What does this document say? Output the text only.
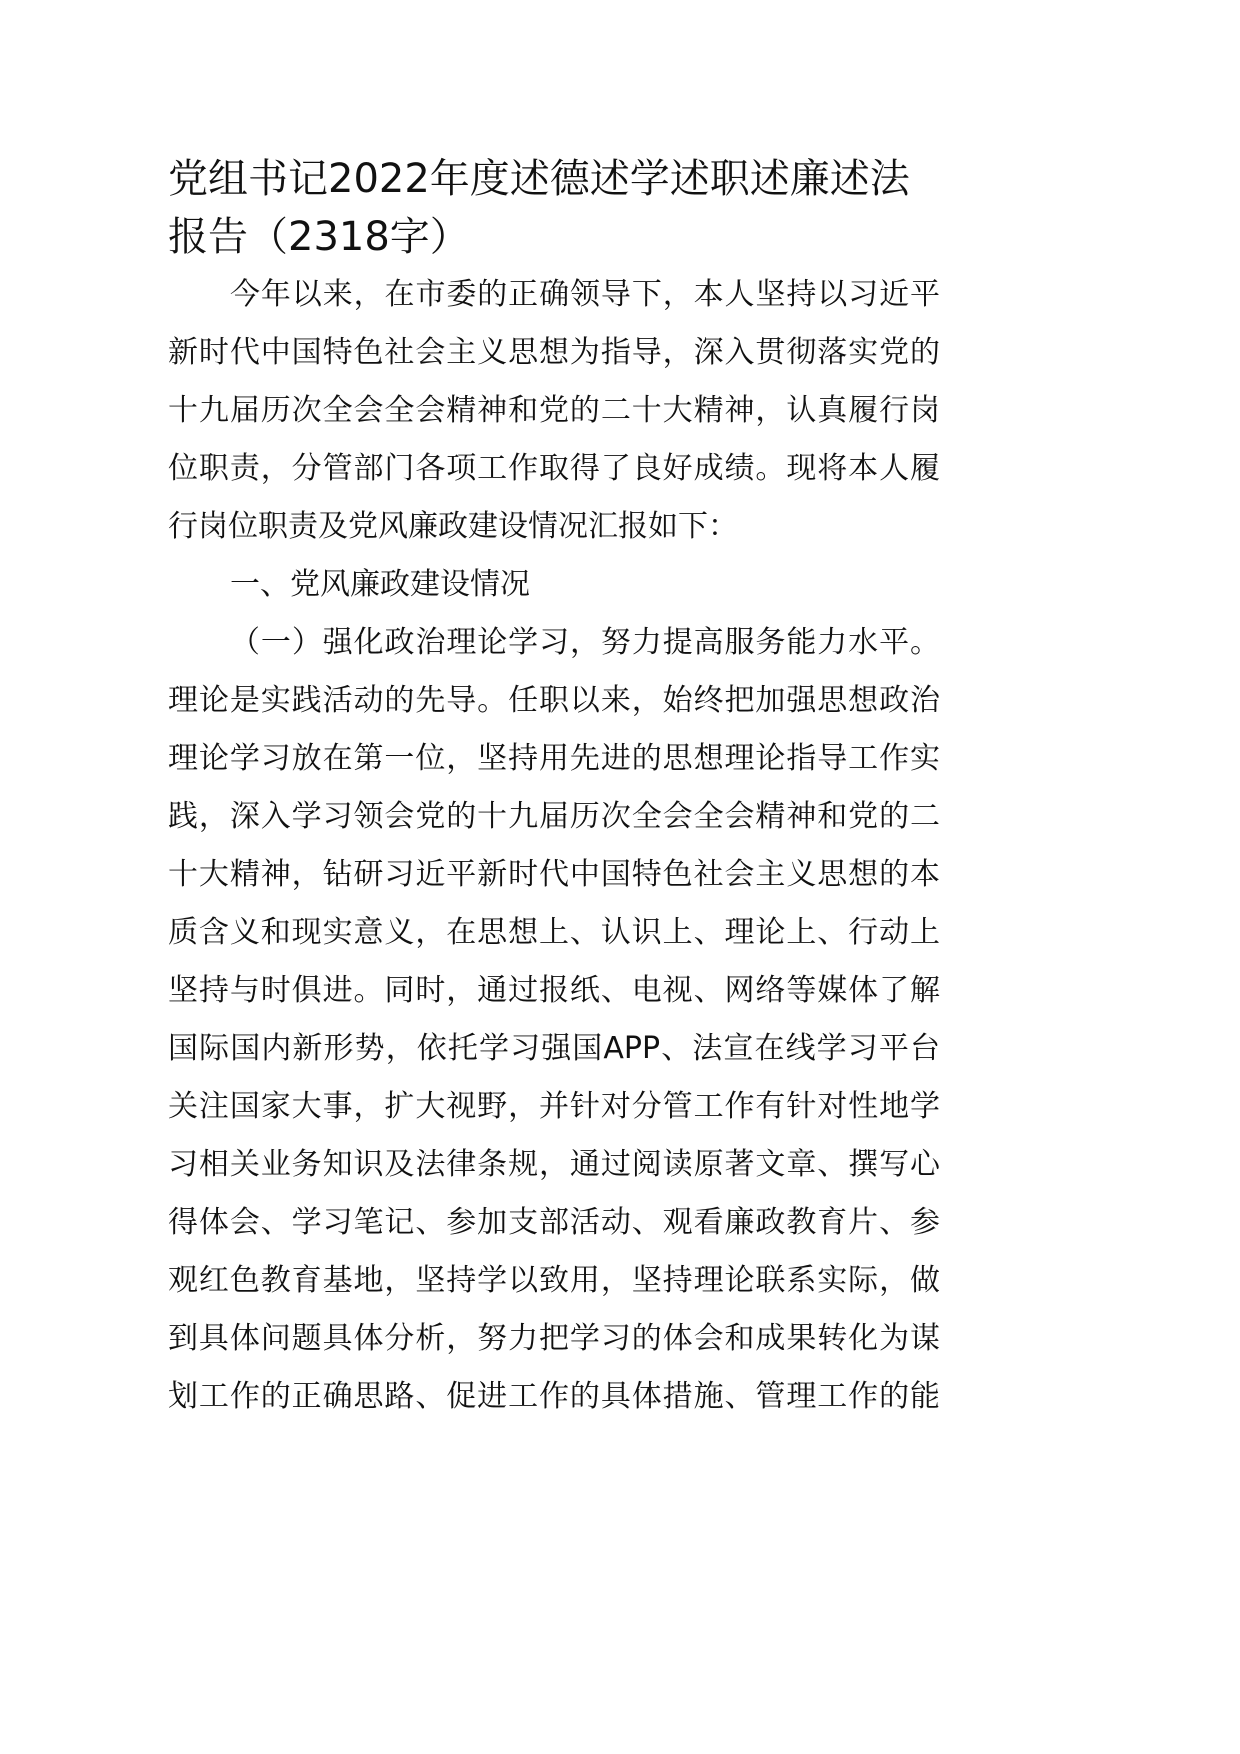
党组书记2022年度述德述学述职述廉述法
报告（2318字）
今年以来，在市委的正确领导下，本人坚持以习近平
新时代中国特色社会主义思想为指导，深入贯彻落实党的
十九届历次全会全会精神和党的二十大精神，认真履行岗
位职责，分管部门各项工作取得了良好成绩。现将本人履
行岗位职责及党风廉政建设情况汇报如下：
一、党风廉政建设情况
（一）强化政治理论学习，努力提高服务能力水平。
理论是实践活动的先导。任职以来，始终把加强思想政治
理论学习放在第一位，坚持用先进的思想理论指导工作实
践，深入学习领会党的十九届历次全会全会精神和党的二
十大精神，钻研习近平新时代中国特色社会主义思想的本
质含义和现实意义，在思想上、认识上、理论上、行动上
坚持与时俱进。同时，通过报纸、电视、网络等媒体了解
国际国内新形势，依托学习强国APP、法宣在线学习平台
关注国家大事，扩大视野，并针对分管工作有针对性地学
习相关业务知识及法律条规，通过阅读原著文章、撰写心
得体会、学习笔记、参加支部活动、观看廉政教育片、参
观红色教育基地，坚持学以致用，坚持理论联系实际，做
到具体问题具体分析，努力把学习的体会和成果转化为谋
划工作的正确思路、促进工作的具体措施、管理工作的能
